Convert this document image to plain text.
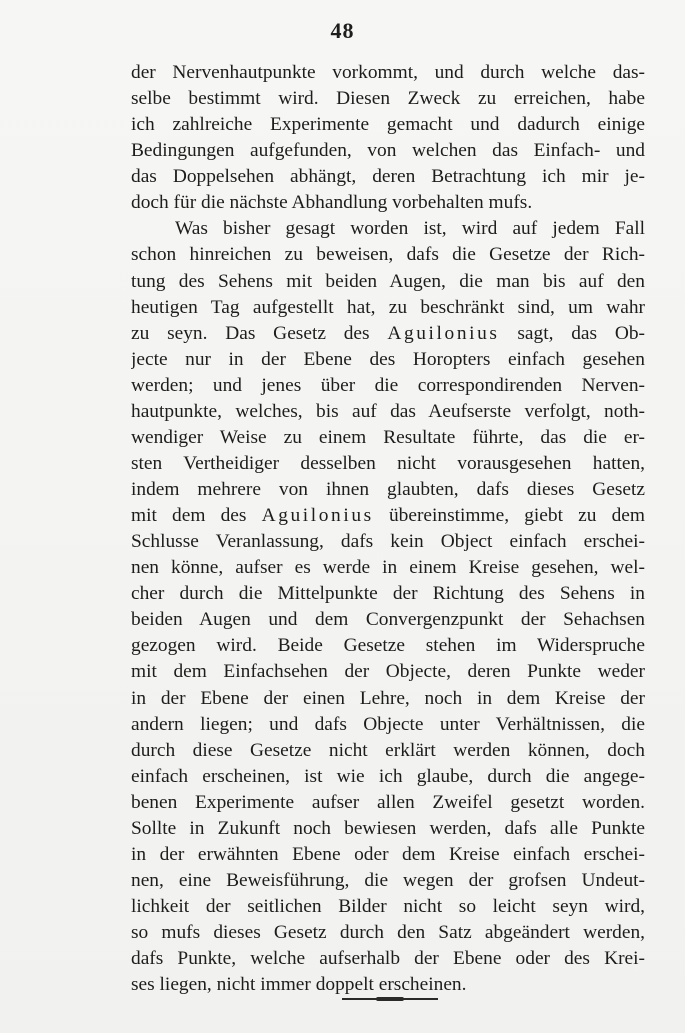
48
der Nervenhautpunkte vorkommt, und durch welche das-
selbe bestimmt wird. Diesen Zweck zu erreichen, habe
ich zahlreiche Experimente gemacht und dadurch einige
Bedingungen aufgefunden, von welchen das Einfach- und
das Doppelsehen abhängt, deren Betrachtung ich mir je-
doch für die nächste Abhandlung vorbehalten mufs.
Was bisher gesagt worden ist, wird auf jedem Fall
schon hinreichen zu beweisen, dafs die Gesetze der Rich-
tung des Sehens mit beiden Augen, die man bis auf den
heutigen Tag aufgestellt hat, zu beschränkt sind, um wahr
zu seyn. Das Gesetz des Aguilonius sagt, das Ob-
jecte nur in der Ebene des Horopters einfach gesehen
werden; und jenes über die correspondirenden Nerven-
hautpunkte, welches, bis auf das Aeufserste verfolgt, noth-
wendiger Weise zu einem Resultate führte, das die er-
sten Vertheidiger desselben nicht vorausgesehen hatten,
indem mehrere von ihnen glaubten, dafs dieses Gesetz
mit dem des Aguilonius übereinstimme, giebt zu dem
Schlusse Veranlassung, dafs kein Object einfach erschei-
nen könne, aufser es werde in einem Kreise gesehen, wel-
cher durch die Mittelpunkte der Richtung des Sehens in
beiden Augen und dem Convergenzpunkt der Sehachsen
gezogen wird. Beide Gesetze stehen im Widerspruche
mit dem Einfachsehen der Objecte, deren Punkte weder
in der Ebene der einen Lehre, noch in dem Kreise der
andern liegen; und dafs Objecte unter Verhältnissen, die
durch diese Gesetze nicht erklärt werden können, doch
einfach erscheinen, ist wie ich glaube, durch die angege-
benen Experimente aufser allen Zweifel gesetzt worden.
Sollte in Zukunft noch bewiesen werden, dafs alle Punkte
in der erwähnten Ebene oder dem Kreise einfach erschei-
nen, eine Beweisführung, die wegen der grofsen Undeut-
lichkeit der seitlichen Bilder nicht so leicht seyn wird,
so mufs dieses Gesetz durch den Satz abgeändert werden,
dafs Punkte, welche aufserhalb der Ebene oder des Krei-
ses liegen, nicht immer doppelt erscheinen.
